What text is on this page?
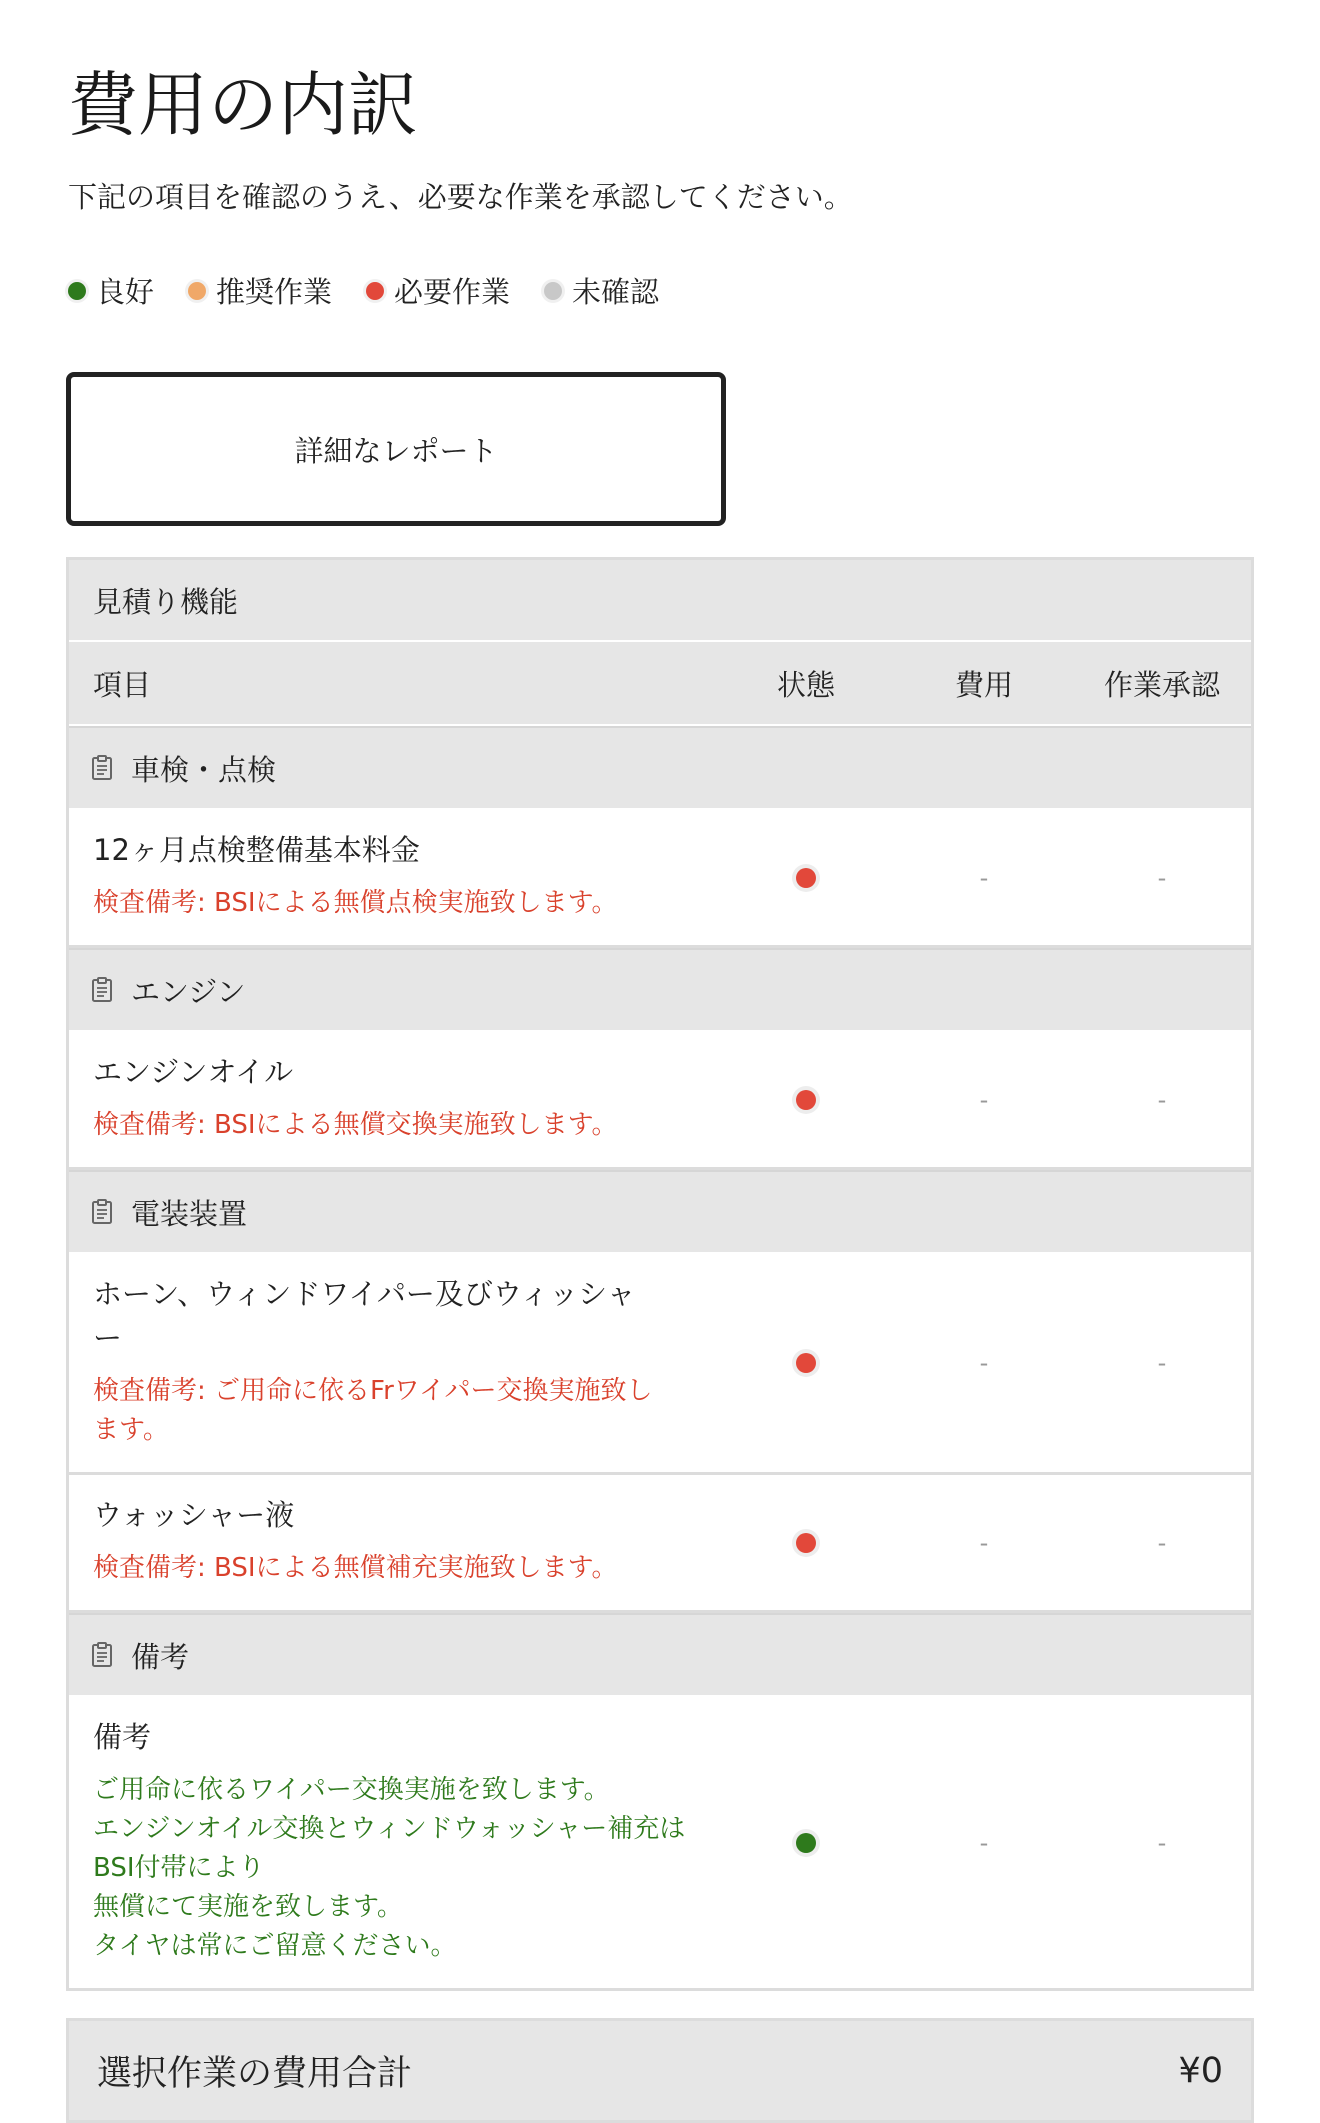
費用の内訳

下記の項目を確認のうえ、必要な作業を承認してください。

良好 推奨作業 必要作業 未確認
詳細なレポート
見積り機能
項目	状態	費用	作業承認
車検・点検
12ヶ月点検整備基本料金
検査備考: BSIによる無償点検実施致します。
-	-
エンジン
エンジンオイル
検査備考: BSIによる無償交換実施致します。
-	-
電装装置
ホーン、ウィンドワイパー及びウィッシャー
検査備考: ご用命に依るFrワイパー交換実施致します。
-	-
ウォッシャー液
検査備考: BSIによる無償補充実施致します。
-	-
備考
備考
ご用命に依るワイパー交換実施を致します。
エンジンオイル交換とウィンドウォッシャー補充はBSI付帯により
無償にて実施を致します。
タイヤは常にご留意ください。
-	-
選択作業の費用合計	¥0
